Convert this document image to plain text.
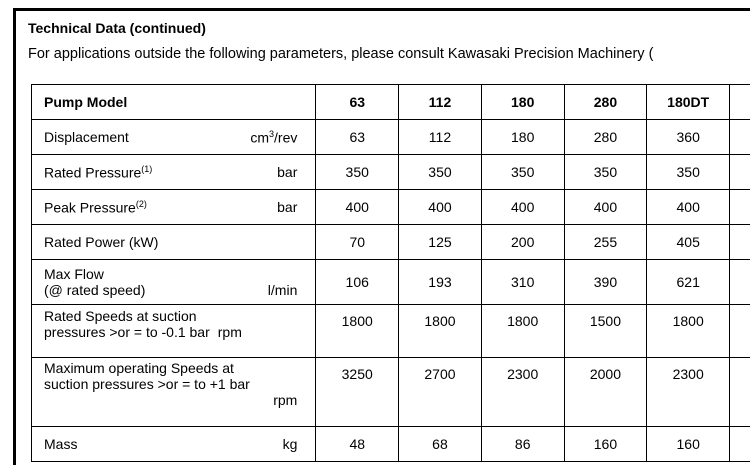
Technical Data (continued)
For applications outside the following parameters, please consult Kawasaki Precision Machinery (
Pump Model	63	112	180	280	180DT	

Displacement $cm^3$/rev	63	112	180	280	360	

Rated Pressure$^{(1)}$ bar	350	350	350	350	350	

Peak Pressure$^{(2)}$ bar	400	400	400	400	400	
Rated Power (kW)	70	125	200	255	405	

Max Flow
(@ rated speed) l/min	106	193	310	390	621	

Rated Speeds at suction
pressures >or = to -0.1 bar rpm	1800	1800	1800	1500	1800	

Maximum operating Speeds at
suction pressures >or = to +1 bar
rpm	3250	2700	2300	2000	2300	

Mass kg	48	68	86	160	160	
